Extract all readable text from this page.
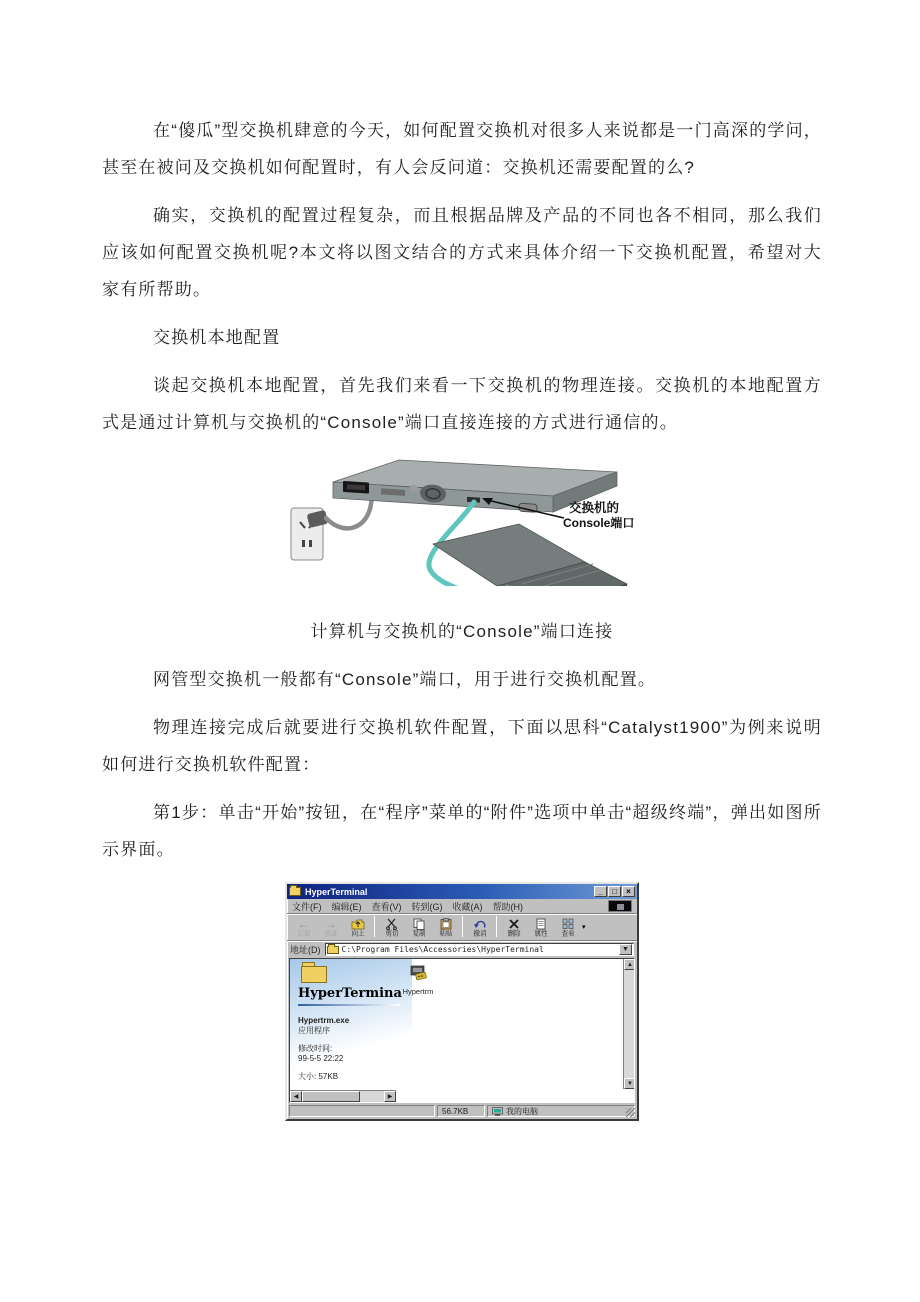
在“傻瓜”型交换机肆意的今天，如何配置交换机对很多人来说都是一门高深的学问，甚至在被问及交换机如何配置时，有人会反问道：交换机还需要配置的么?

确实，交换机的配置过程复杂，而且根据品牌及产品的不同也各不相同，那么我们应该如何配置交换机呢?本文将以图文结合的方式来具体介绍一下交换机配置，希望对大家有所帮助。

交换机本地配置

谈起交换机本地配置，首先我们来看一下交换机的物理连接。交换机的本地配置方式是通过计算机与交换机的“Console”端口直接连接的方式进行通信的。

交换机的
Console端口

计算机与交换机的“Console”端口连接

网管型交换机一般都有“Console”端口，用于进行交换机配置。

物理连接完成后就要进行交换机软件配置，下面以思科“Catalyst1900”为例来说明如何进行交换机软件配置：

第1步：单击“开始”按钮，在“程序”菜单的“附件”选项中单击“超级终端”，弹出如图所示界面。

HyperTerminal	_	□	×
文件(F) 编辑(E) 查看(V) 转到(G) 收藏(A) 帮助(H)
←
后退
→
前进 向上	剪切 复制 粘贴	撤消	删除 属性 查看
▾
地址(D)	C:\Program Files\Accessories\HyperTerminal	▼
HyperTermina
Hypertrm.exe
应用程序
修改时间:
99-5-5 22:22
大小: 57KB
Hypertrm
◀	▶
▲
▼
56.7KB	我的电脑
